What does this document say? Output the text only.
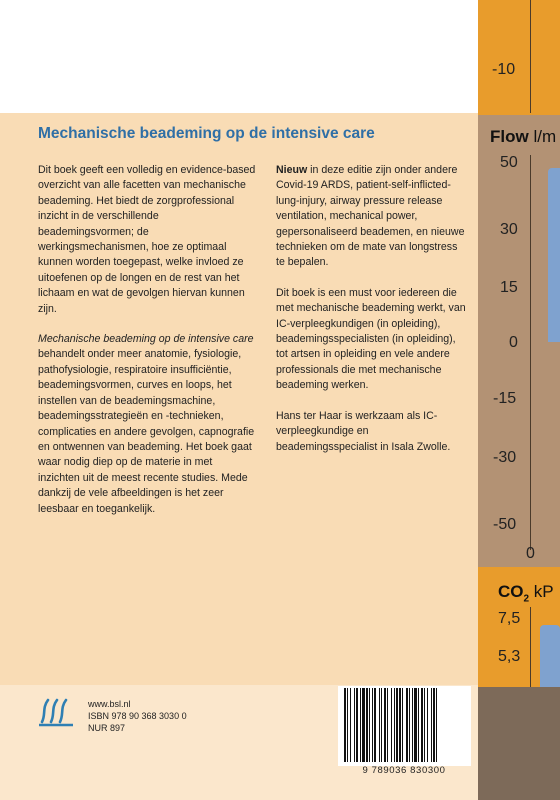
-10
Flow l/m
50
30
15
0
-15
-30
-50
0
$CO_2$ kP
7,5
5,3
Mechanische beademing op de intensive care

Dit boek geeft een volledig en evidence-based overzicht van alle facetten van mechanische beademing. Het biedt de zorgprofessional inzicht in de verschillende beademingsvormen; de werkingsmechanismen, hoe ze optimaal kunnen worden toegepast, welke invloed ze uitoefenen op de longen en de rest van het lichaam en wat de gevolgen hiervan kunnen zijn.

Mechanische beademing op de intensive care behandelt onder meer anatomie, fysiologie, pathofysiologie, respiratoire insufficiëntie, beademingsvormen, curves en loops, het instellen van de beademingsmachine, beademingsstrategieën en -technieken, complicaties en andere gevolgen, capnografie en ontwennen van beademing. Het boek gaat waar nodig diep op de materie in met inzichten uit de meest recente studies. Mede dankzij de vele afbeeldingen is het zeer leesbaar en toegankelijk.

Nieuw in deze editie zijn onder andere Covid-19 ARDS, patient-self-inflicted-lung-injury, airway pressure release ventilation, mechanical power, gepersonaliseerd beademen, en nieuwe technieken om de mate van longstress te bepalen.

Dit boek is een must voor iedereen die met mechanische beademing werkt, van IC-verpleegkundigen (in opleiding), beademingsspecialisten (in opleiding), tot artsen in opleiding en vele andere professionals die met mechanische beademing werken.

Hans ter Haar is werkzaam als IC-verpleegkundige en beademingsspecialist in Isala Zwolle.

www.bsl.nl
ISBN 978 90 368 3030 0
NUR 897
9 789036 830300
